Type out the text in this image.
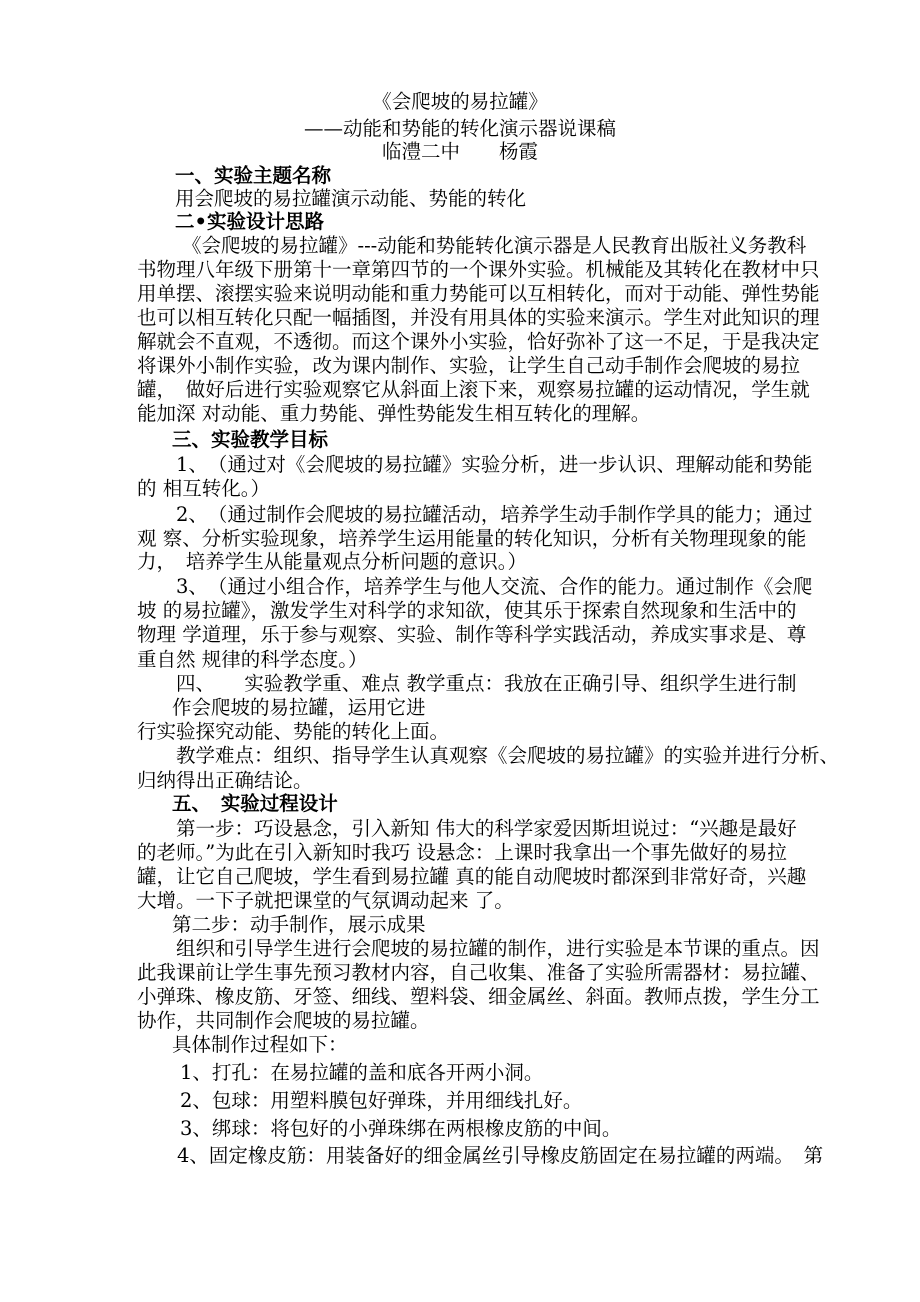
《会爬坡的易拉罐》
——动能和势能的转化演示器说课稿
临澧二中　　杨霞
一、实验主题名称
用会爬坡的易拉罐演示动能、势能的转化
二•实验设计思路
《会爬坡的易拉罐》---动能和势能转化演示器是人民教育出版社义务教科
书物理八年级下册第十一章第四节的一个课外实验。机械能及其转化在教材中只
用单摆、滚摆实验来说明动能和重力势能可以互相转化，而对于动能、弹性势能
也可以相互转化只配一幅插图，并没有用具体的实验来演示。学生对此知识的理
解就会不直观，不透彻。而这个课外小实验，恰好弥补了这一不足，于是我决定
将课外小制作实验，改为课内制作、实验，让学生自己动手制作会爬坡的易拉
罐，　做好后进行实验观察它从斜面上滚下来，观察易拉罐的运动情况，学生就
能加深 对动能、重力势能、弹性势能发生相互转化的理解。
三、实验教学目标
1、　（通过对《会爬坡的易拉罐》实验分析，进一步认识、理解动能和势能
的 相互转化。）
2、　（通过制作会爬坡的易拉罐活动，培养学生动手制作学具的能力；通过
观 察、分析实验现象，培养学生运用能量的转化知识，分析有关物理现象的能
力，　培养学生从能量观点分析问题的意识。）
3、　（通过小组合作，培养学生与他人交流、合作的能力。通过制作《会爬
坡 的易拉罐》，激发学生对科学的求知欲，使其乐于探索自然现象和生活中的
物理 学道理，乐于参与观察、实验、制作等科学实践活动，养成实事求是、尊
重自然 规律的科学态度。）
四、　　实验教学重、难点 教学重点：我放在正确引导、组织学生进行制
作会爬坡的易拉罐，运用它进
行实验探究动能、势能的转化上面。
教学难点：组织、指导学生认真观察《会爬坡的易拉罐》的实验并进行分析、
归纳得出正确结论。
五、　实验过程设计
第一步：巧设悬念，引入新知 伟大的科学家爱因斯坦说过：“兴趣是最好
的老师。”为此在引入新知时我巧 设悬念：上课时我拿出一个事先做好的易拉
罐，让它自己爬坡，学生看到易拉罐 真的能自动爬坡时都深到非常好奇，兴趣
大增。一下子就把课堂的气氛调动起来 了。
第二步：动手制作，展示成果
组织和引导学生进行会爬坡的易拉罐的制作，进行实验是本节课的重点。因
此我课前让学生事先预习教材内容，自己收集、准备了实验所需器材：易拉罐、
小弹珠、橡皮筋、牙签、细线、塑料袋、细金属丝、斜面。教师点拨，学生分工
协作，共同制作会爬坡的易拉罐。
具体制作过程如下：
1、打孔：在易拉罐的盖和底各开两小洞。
2、包球：用塑料膜包好弹珠，并用细线扎好。
3、绑球：将包好的小弹珠绑在两根橡皮筋的中间。
4、固定橡皮筋：用装备好的细金属丝引导橡皮筋固定在易拉罐的两端。　第
